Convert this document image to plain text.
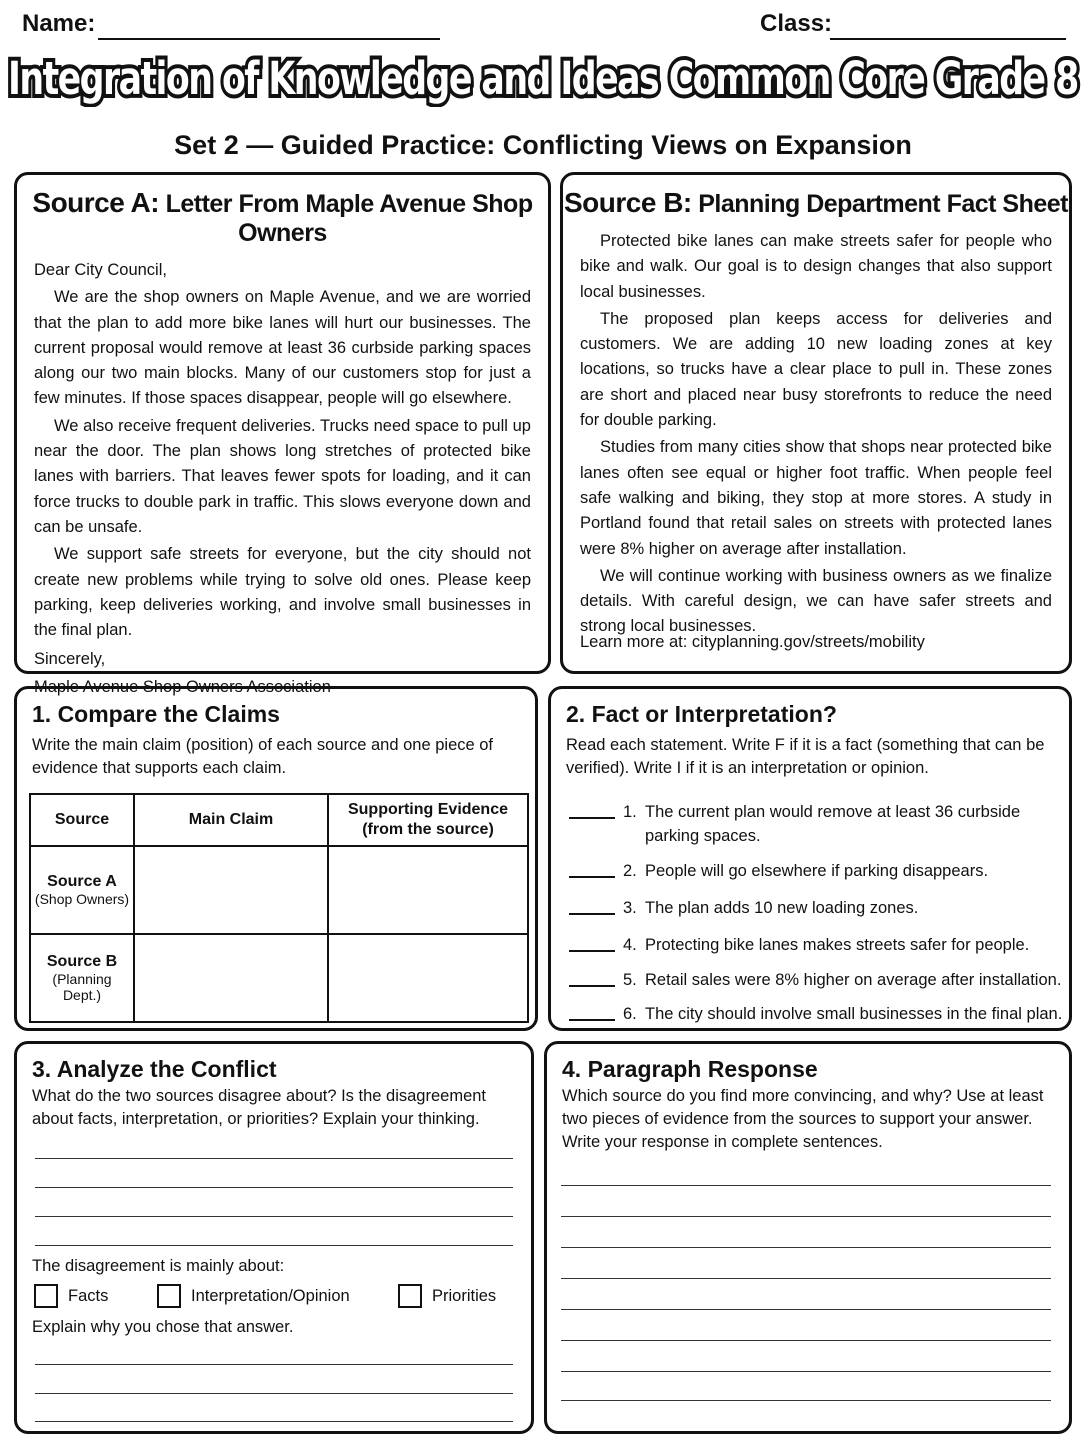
Name:	Class:
Integration of Knowledge and Ideas Common Core Grade 8
Set 2 — Guided Practice: Conflicting Views on Expansion
Source A: Letter From Maple Avenue Shop Owners

Dear City Council,

We are the shop owners on Maple Avenue, and we are worried that the plan to add more bike lanes will hurt our businesses. The current proposal would remove at least 36 curbside parking spaces along our two main blocks. Many of our customers stop for just a few minutes. If those spaces disappear, people will go elsewhere.

We also receive frequent deliveries. Trucks need space to pull up near the door. The plan shows long stretches of protected bike lanes with barriers. That leaves fewer spots for loading, and it can force trucks to double park in traffic. This slows everyone down and can be unsafe.

We support safe streets for everyone, but the city should not create new problems while trying to solve old ones. Please keep parking, keep deliveries working, and involve small businesses in the final plan.

Sincerely,

Maple Avenue Shop Owners Association

Source B: Planning Department Fact Sheet

Protected bike lanes can make streets safer for people who bike and walk. Our goal is to design changes that also support local businesses.

The proposed plan keeps access for deliveries and customers. We are adding 10 new loading zones at key locations, so trucks have a clear place to pull in. These zones are short and placed near busy storefronts to reduce the need for double parking.

Studies from many cities show that shops near protected bike lanes often see equal or higher foot traffic. When people feel safe walking and biking, they stop at more stores. A study in Portland found that retail sales on streets with protected lanes were 8% higher on average after installation.

We will continue working with business owners as we finalize details. With careful design, we can have safer streets and strong local businesses.

Learn more at: cityplanning.gov/streets/mobility
1. Compare the Claims
Write the main claim (position) of each source and one piece of evidence that supports each claim.
Source	Main Claim	Supporting Evidence
(from the source)

Source A
(Shop Owners)		

Source B
(Planning Dept.)		

2. Fact or Interpretation?
Read each statement. Write F if it is a fact (something that can be verified). Write I if it is an interpretation or opinion.
1. The current plan would remove at least 36 curbside parking spaces.
2. People will go elsewhere if parking disappears.
3. The plan adds 10 new loading zones.
4. Protecting bike lanes makes streets safer for people.
5. Retail sales were 8% higher on average after installation.
6. The city should involve small businesses in the final plan.
3. Analyze the Conflict
What do the two sources disagree about? Is the disagreement about facts, interpretation, or priorities? Explain your thinking.
The disagreement is mainly about:
Facts	Interpretation/Opinion	Priorities
Explain why you chose that answer.
4. Paragraph Response
Which source do you find more convincing, and why? Use at least two pieces of evidence from the sources to support your answer. Write your response in complete sentences.
